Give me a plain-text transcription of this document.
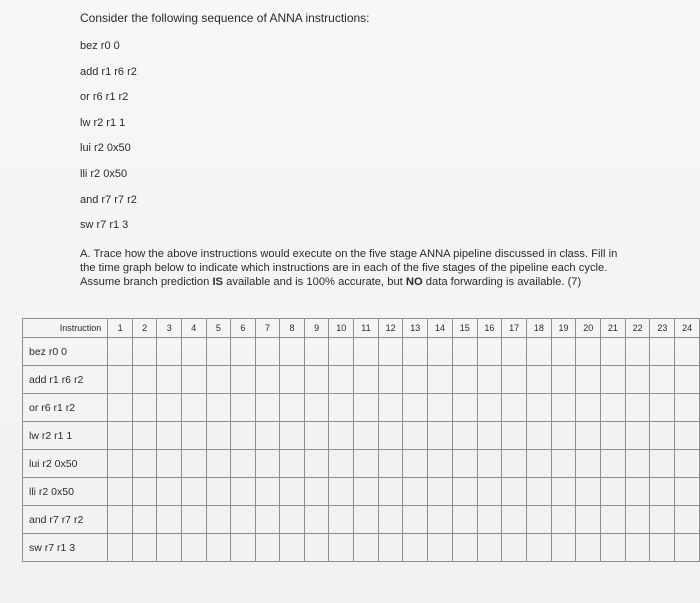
Consider the following sequence of ANNA instructions:
bez r0 0
add r1 r6 r2
or r6 r1 r2
lw r2 r1 1
lui r2 0x50
lli r2 0x50
and r7 r7 r2
sw r7 r1 3
A. Trace how the above instructions would execute on the five stage ANNA pipeline discussed in class. Fill in the time graph below to indicate which instructions are in each of the five stages of the pipeline each cycle. Assume branch prediction IS available and is 100% accurate, but NO data forwarding is available. (7)
Instruction	1	2	3	4	5	6	7	8	9	10	11	12	13	14	15	16	17	18	19	20	21	22	23	24
bez r0 0																								
add r1 r6 r2																								
or r6 r1 r2																								
lw r2 r1 1																								
lui r2 0x50																								
lli r2 0x50																								
and r7 r7 r2																								
sw r7 r1 3																								
